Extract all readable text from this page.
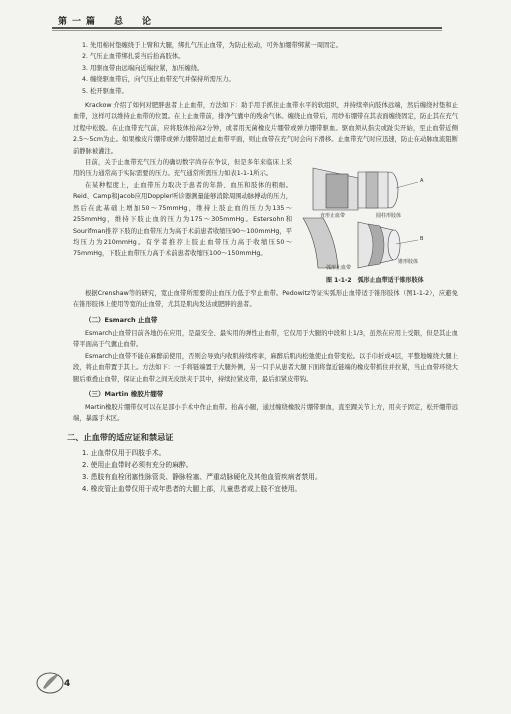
第一篇　总　论
1. 先用棉衬垫缠绕于上臂和大腿，绑扎气压止血带，为防止松动，可外加绷带绑紧一周固定。
2. 气压止血带绑扎妥当后抬高肢体。
3. 用驱血带由远端向近端拉紧，加压缠绕。
4. 缠绕驱血带后，向气压止血带充气并保持所需压力。
5. 松开驱血带。

Krackow 介绍了如何对肥胖患者上止血带，方法如下：助手用手抓住止血带水平的软组织，并持续牵向肢体远端，然后缠绕衬垫和止血带，这样可以维持止血带的位置。在上止血带前，排净气囊中的残余气体。缠绕止血带后，用纱布绷带在其表面缠绕固定，防止其在充气过程中松脱。在止血带充气前，应将肢体抬高2分钟，或者用无菌橡皮片绷带或弹力绷带驱血。驱血须从指尖或趾尖开始，至止血带近侧2.5～5cm为止。如果橡皮片绷带或弹力绷带超过止血带平面，则止血带在充气时会向下滑移。止血带充气时应迅速，防止在动脉血流阻断前静脉被灌注。

A
B
直形止血带	圆柱形肢体
弧形止血带
锥形肢体
图 1-1-2　弧形止血带适于锥形肢体

目前，关于止血带充气压力的确切数字尚存在争议，但是多年来临床上采用的压力通常高于实际需要的压力。充气通常所需压力如表1-1-1所示。

在某种程度上，止血带压力取决于患者的年龄、血压和肢体的粗细。Reid、Camp和Jacob应用Doppler听诊器测量能够消除周围动脉搏动的压力，然后在此基础上增加50～75mmHg，维持上肢止血的压力为135～255mmHg，维持下肢止血的压力为175～305mmHg。Estersohn和Sourifman推荐下肢的止血带压力为高于术前患者收缩压90～100mmHg，平均压力为210mmHg。有学者推荐上肢止血带压力高于收缩压50～75mmHg，下肢止血带压力高于术前患者收缩压100～150mmHg。

根据Crenshaw等的研究，宽止血带所需要的止血压力低于窄止血带。Pedowitz等证实弧形止血带适于锥形肢体（图1-1-2），应避免在锥形肢体上使用等宽的止血带，尤其是肌肉发达或肥胖的患者。

（二）Esmarch 止血带

Esmarch止血带目前各地仍在应用，是最安全、最实用的弹性止血带，它仅用于大腿的中段和上1/3，虽然在应用上受限，但是其止血带平面高于气囊止血带。

Esmarch止血带不能在麻醉前使用，否则会导致内收肌持续疼挛，麻醉后肌肉松弛使止血带变松。以手巾折成4层，平整地缠绕大腿上段，将止血带置于其上。方法如下：一手将链端置于大腿外侧，另一只手从患者大腿下面将靠近链端的橡皮带抓住并拉紧，当止血带环绕大腿后重叠止血带，保证止血带之间无皮肤夹于其中，持续拉紧皮带，最后扣紧皮带钩。

（三）Martin 橡胶片绷带

Martin橡胶片绷带仅可以在足部小手术中作止血带。抬高小腿，通过缠绕橡胶片绷带驱血，直至踝关节上方，用夹子固定，松开绷带远端，暴露手术区。

二、止血带的适应证和禁忌证
1. 止血带仅用于四肢手术。
2. 使用止血带时必须有充分的麻醉。
3. 患肢有血栓闭塞性脉管炎、静脉栓塞、严重动脉硬化及其他血管疾病者禁用。
4. 橡皮管止血带仅用于成年患者的大腿上部，儿童患者或上肢不宜使用。
4
